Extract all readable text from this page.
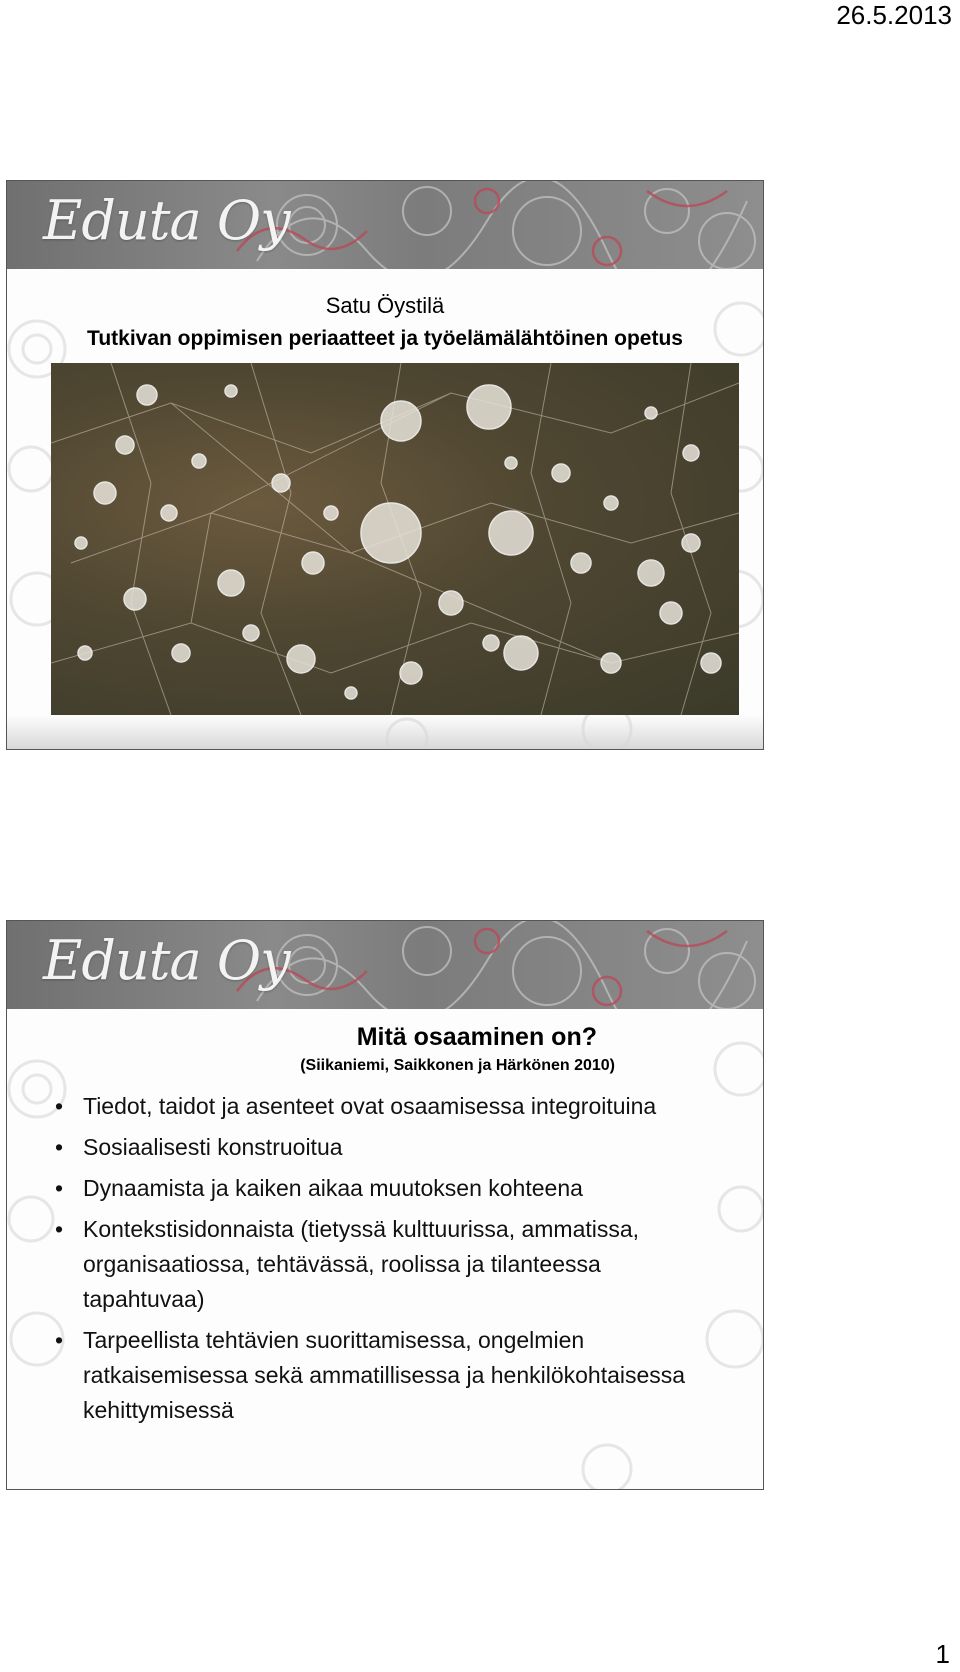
26.5.2013
Eduta Oy
Satu Öystilä
Tutkivan oppimisen periaatteet ja työelämälähtöinen opetus
Eduta Oy
Mitä osaaminen on?
(Siikaniemi, Saikkonen ja Härkönen 2010)
• Tiedot, taidot ja asenteet ovat osaamisessa integroituina
• Sosiaalisesti konstruoitua
• Dynaamista ja kaiken aikaa muutoksen kohteena
• Kontekstisidonnaista (tietyssä kulttuurissa, ammatissa, organisaatiossa, tehtävässä, roolissa ja tilanteessa tapahtuvaa)
• Tarpeellista tehtävien suorittamisessa, ongelmien ratkaisemisessa sekä ammatillisessa ja henkilökohtaisessa kehittymisessä
1
